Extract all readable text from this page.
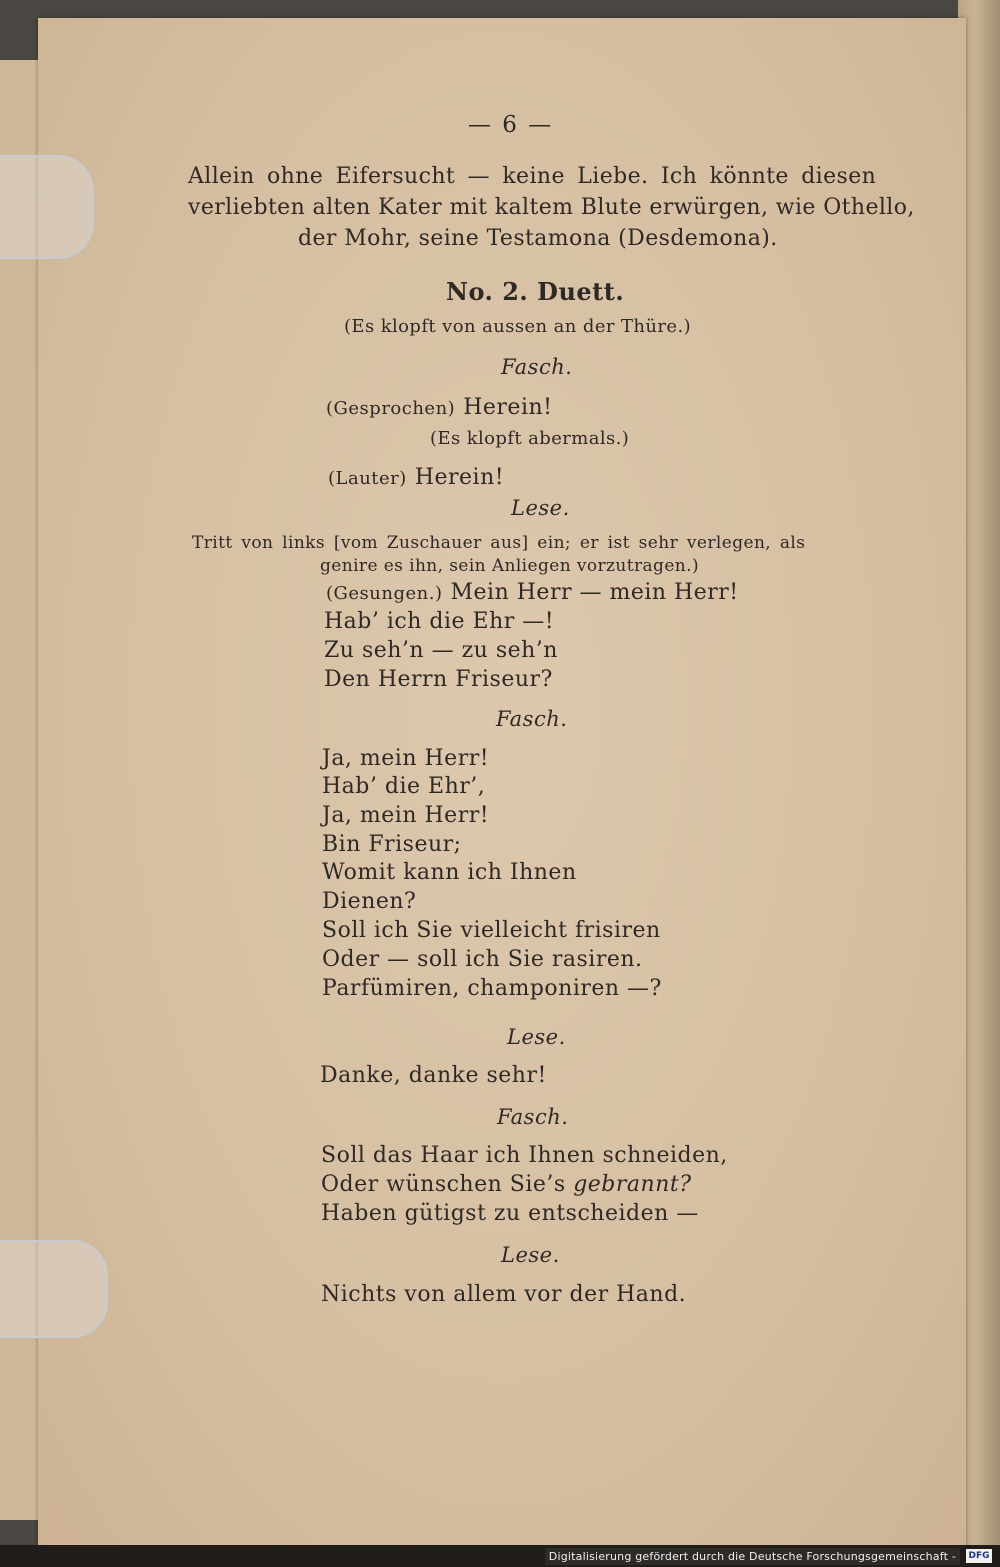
— 6 —
Allein ohne Eifersucht — keine Liebe. Ich könnte diesen
verliebten alten Kater mit kaltem Blute erwürgen, wie Othello,
der Mohr, seine Testamona (Desdemona).
No. 2. Duett.
(Es klopft von aussen an der Thüre.)
Fasch.
(Gesprochen) Herein!
(Es klopft abermals.)
(Lauter) Herein!
Lese.
Tritt von links [vom Zuschauer aus] ein; er ist sehr verlegen, als
genire es ihn, sein Anliegen vorzutragen.)
(Gesungen.) Mein Herr — mein Herr!
Hab’ ich die Ehr —!
Zu seh’n — zu seh’n
Den Herrn Friseur?
Fasch.
Ja, mein Herr!
Hab’ die Ehr’,
Ja, mein Herr!
Bin Friseur;
Womit kann ich Ihnen
Dienen?
Soll ich Sie vielleicht frisiren
Oder — soll ich Sie rasiren.
Parfümiren, champoniren —?
Lese.
Danke, danke sehr!
Fasch.
Soll das Haar ich Ihnen schneiden,
Oder wünschen Sie’s gebrannt?
Haben gütigst zu entscheiden —
Lese.
Nichts von allem vor der Hand.
Digitalisierung gefördert durch die Deutsche Forschungsgemeinschaft -	DFG
